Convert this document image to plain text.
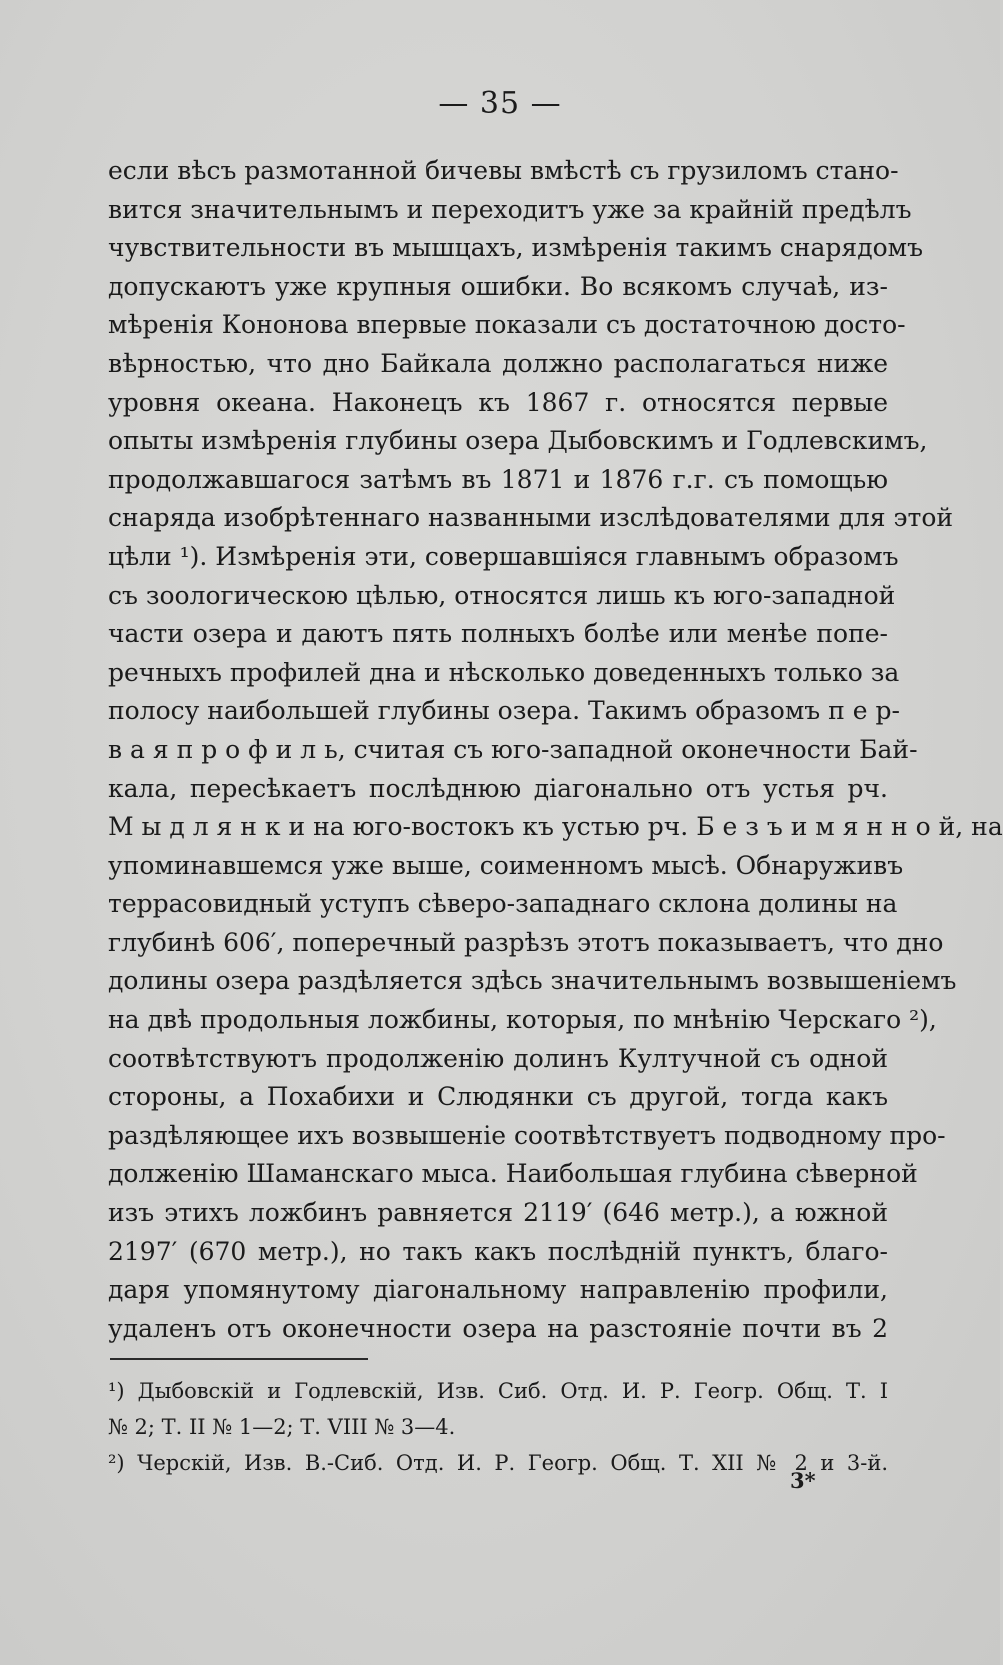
— 35 —
если вѣсъ размотанной бичевы вмѣстѣ съ грузиломъ стано-
вится значительнымъ и переходитъ уже за крайній предѣлъ
чувствительности въ мышцахъ, измѣренія такимъ снарядомъ
допускаютъ уже крупныя ошибки. Во всякомъ случаѣ, из-
мѣренія Кононова впервые показали съ достаточною досто-
вѣрностью, что дно Байкала должно располагаться ниже
уровня океана. Наконецъ къ 1867 г. относятся первые
опыты измѣренія глубины озера Дыбовскимъ и Годлевскимъ,
продолжавшагося затѣмъ въ 1871 и 1876 г.г. съ помощью
снаряда изобрѣтеннаго названными изслѣдователями для этой
цѣли ¹). Измѣренія эти, совершавшіяся главнымъ образомъ
съ зоологическою цѣлью, относятся лишь къ юго-западной
части озера и даютъ пять полныхъ болѣе или менѣе попе-
речныхъ профилей дна и нѣсколько доведенныхъ только за
полосу наибольшей глубины озера. Такимъ образомъ п е р-
в а я п р о ф и л ь, считая съ юго-западной оконечности Бай-
кала, пересѣкаетъ послѣднюю діагонально отъ устья рч.
М ы д л я н к и на юго-востокъ къ устью рч. Б е з ъ и м я н н о й, на
упоминавшемся уже выше, соименномъ мысѣ. Обнаруживъ
террасовидный уступъ сѣверо-западнаго склона долины на
глубинѣ 606′, поперечный разрѣзъ этотъ показываетъ, что дно
долины озера раздѣляется здѣсь значительнымъ возвышеніемъ
на двѣ продольныя ложбины, которыя, по мнѣнію Черскаго ²),
соотвѣтствуютъ продолженію долинъ Култучной съ одной
стороны, а Похабихи и Слюдянки съ другой, тогда какъ
раздѣляющее ихъ возвышеніе соотвѣтствуетъ подводному про-
долженію Шаманскаго мыса. Наибольшая глубина сѣверной
изъ этихъ ложбинъ равняется 2119′ (646 метр.), а южной
2197′ (670 метр.), но такъ какъ послѣдній пунктъ, благо-
даря упомянутому діагональному направленію профили,
удаленъ отъ оконечности озера на разстояніе почти въ 2
¹) Дыбовскій и Годлевскій, Изв. Сиб. Отд. И. Р. Геогр. Общ. Т. I
№ 2; Т. II № 1—2; Т. VIII № 3—4.
²) Черскій, Изв. В.-Сиб. Отд. И. Р. Геогр. Общ. Т. XII № 2 и 3-й.
3*
